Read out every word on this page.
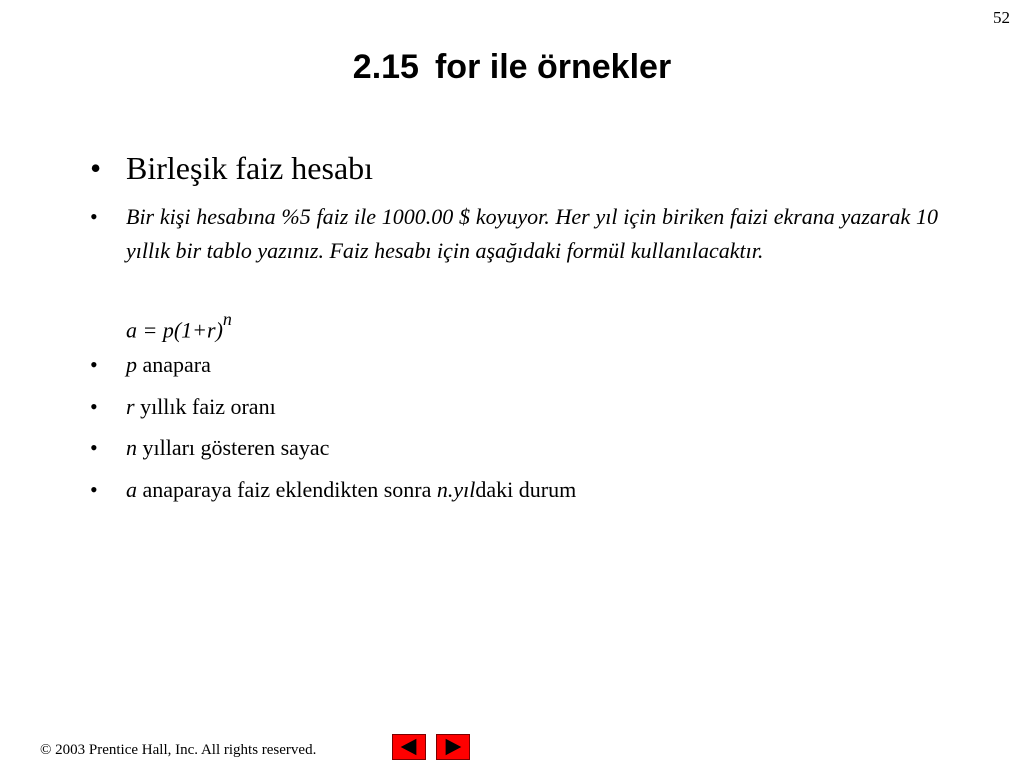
52
2.15 for ile örnekler
• Birleşik faiz hesabı
• Bir kişi hesabına %5 faiz ile 1000.00 $ koyuyor. Her yıl için biriken faizi ekrana yazarak 10 yıllık bir tablo yazınız. Faiz hesabı için aşağıdaki formül kullanılacaktır.
$a = p(1+r)^n$
• p anapara
• r yıllık faiz oranı
• n yılları gösteren sayac
• a anaparaya faiz eklendikten sonra n.yıldaki durum
© 2003 Prentice Hall, Inc. All rights reserved.
